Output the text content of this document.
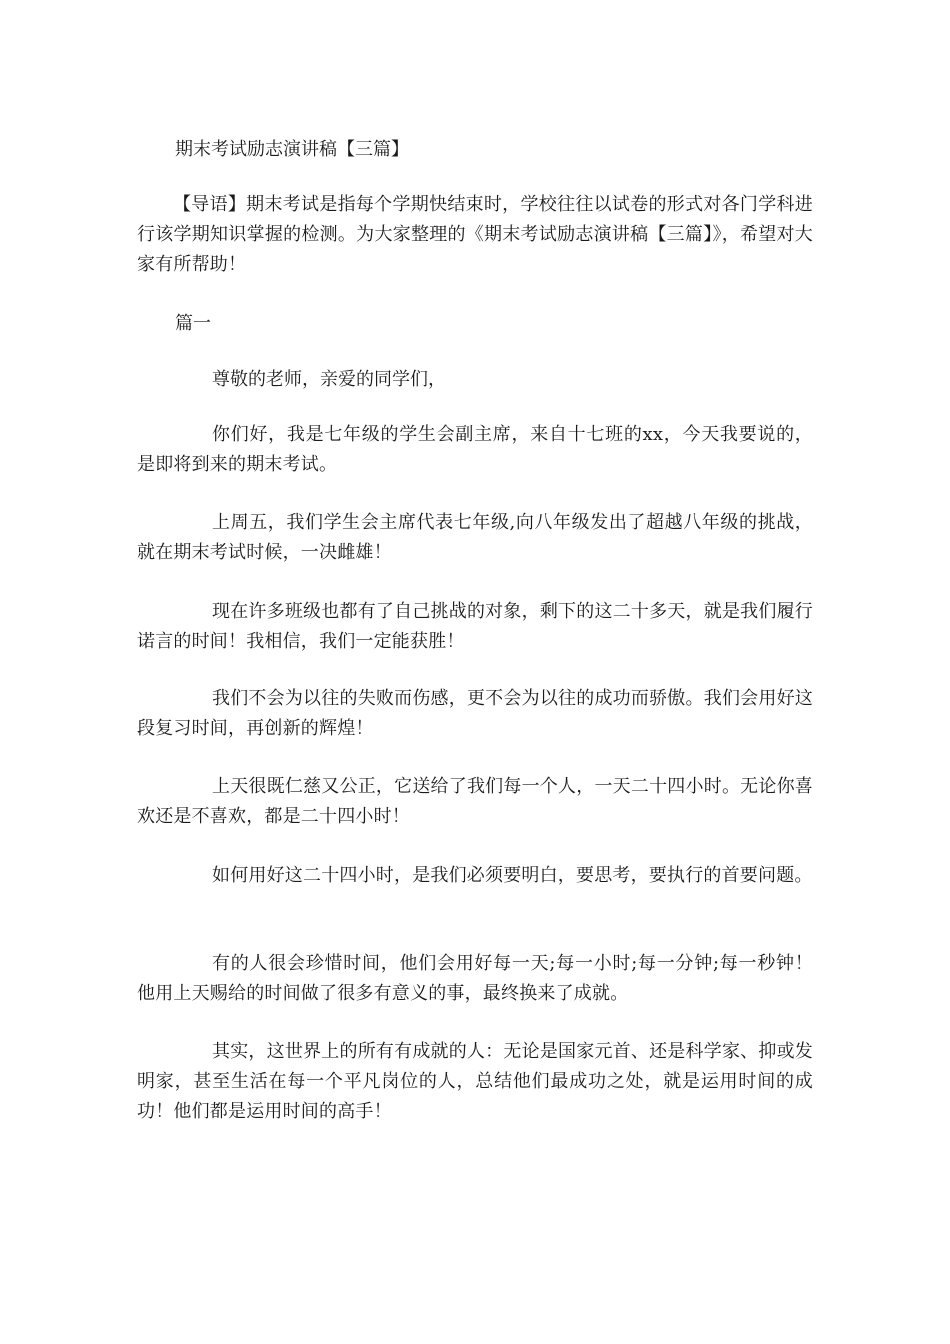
期末考试励志演讲稿【三篇】
【导语】期末考试是指每个学期快结束时，学校往往以试卷的形式对各门学科进行该学期知识掌握的检测。为大家整理的《期末考试励志演讲稿【三篇】》，希望对大家有所帮助！
篇一
尊敬的老师，亲爱的同学们，
你们好，我是七年级的学生会副主席，来自十七班的xx，今天我要说的，是即将到来的期末考试。
上周五，我们学生会主席代表七年级,向八年级发出了超越八年级的挑战，就在期末考试时候，一决雌雄！
现在许多班级也都有了自己挑战的对象，剩下的这二十多天，就是我们履行诺言的时间！我相信，我们一定能获胜！
我们不会为以往的失败而伤感，更不会为以往的成功而骄傲。我们会用好这段复习时间，再创新的辉煌！
上天很既仁慈又公正，它送给了我们每一个人，一天二十四小时。无论你喜欢还是不喜欢，都是二十四小时！
如何用好这二十四小时，是我们必须要明白，要思考，要执行的首要问题。
有的人很会珍惜时间，他们会用好每一天;每一小时;每一分钟;每一秒钟！他用上天赐给的时间做了很多有意义的事，最终换来了成就。
其实，这世界上的所有有成就的人：无论是国家元首、还是科学家、抑或发明家，甚至生活在每一个平凡岗位的人，总结他们最成功之处，就是运用时间的成功！他们都是运用时间的高手！
